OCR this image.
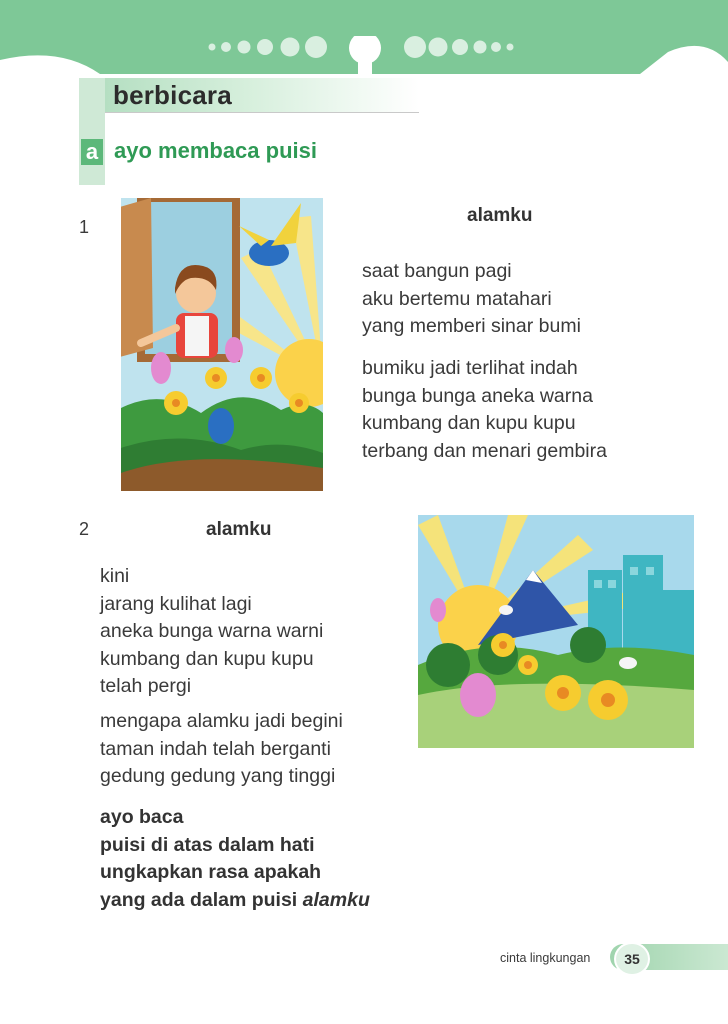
berbicara
a ayo membaca puisi
1
alamku
saat bangun pagi
aku bertemu matahari
yang memberi sinar bumi
bumiku jadi terlihat indah
bunga bunga aneka warna
kumbang dan kupu kupu
terbang dan menari gembira
2	alamku
kini
jarang kulihat lagi
aneka bunga warna warni
kumbang dan kupu kupu
telah pergi
mengapa alamku jadi begini
taman indah telah berganti
gedung gedung yang tinggi
ayo baca
puisi di atas dalam hati
ungkapkan rasa apakah
yang ada dalam puisi alamku
cinta lingkungan	35
